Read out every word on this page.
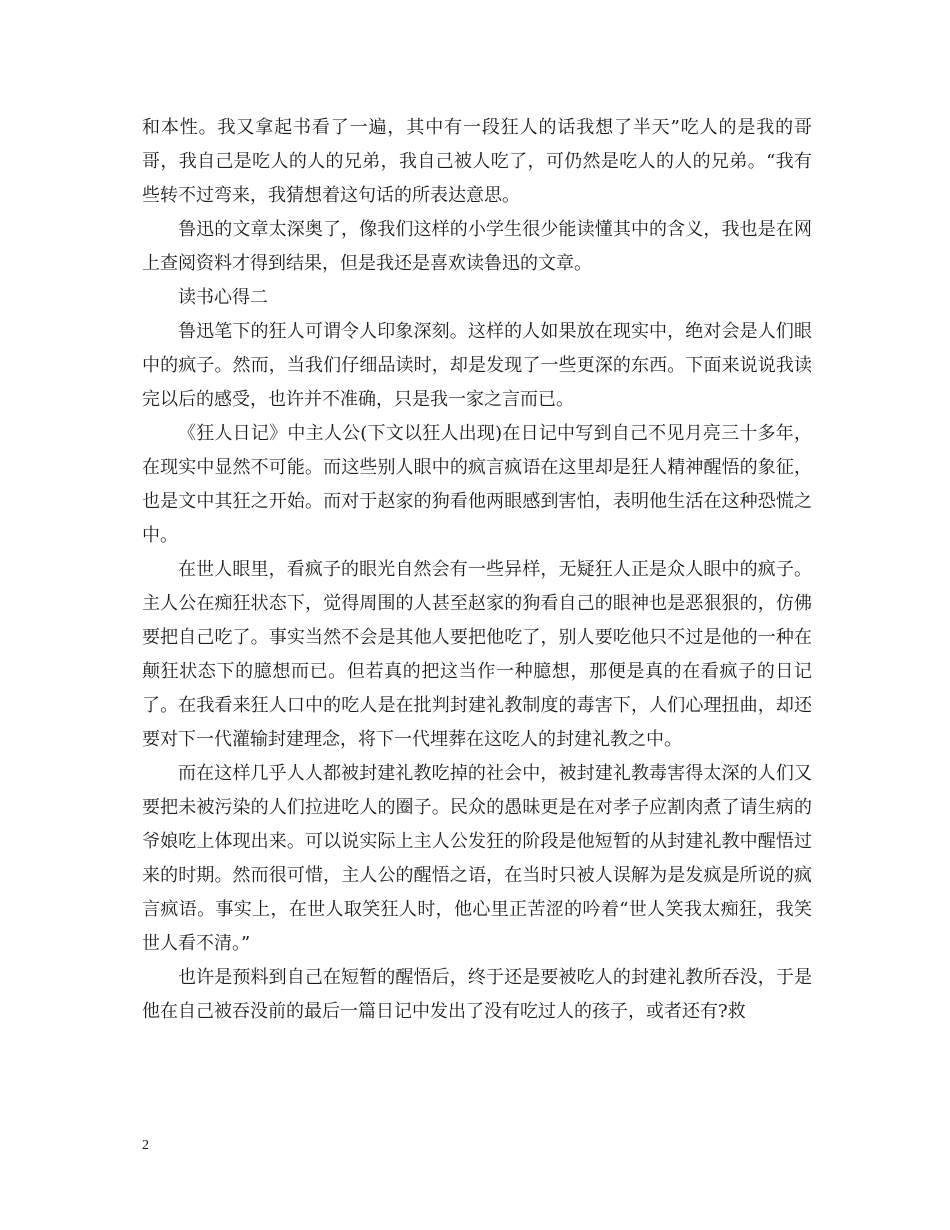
和本性。我又拿起书看了一遍，其中有一段狂人的话我想了半天”吃人的是我的哥哥，我自己是吃人的人的兄弟，我自己被人吃了，可仍然是吃人的人的兄弟。“我有些转不过弯来，我猜想着这句话的所表达意思。

鲁迅的文章太深奥了，像我们这样的小学生很少能读懂其中的含义，我也是在网上查阅资料才得到结果，但是我还是喜欢读鲁迅的文章。

读书心得二

鲁迅笔下的狂人可谓令人印象深刻。这样的人如果放在现实中，绝对会是人们眼中的疯子。然而，当我们仔细品读时，却是发现了一些更深的东西。下面来说说我读完以后的感受，也许并不准确，只是我一家之言而已。

《狂人日记》中主人公(下文以狂人出现)在日记中写到自己不见月亮三十多年，在现实中显然不可能。而这些别人眼中的疯言疯语在这里却是狂人精神醒悟的象征，也是文中其狂之开始。而对于赵家的狗看他两眼感到害怕，表明他生活在这种恐慌之中。

在世人眼里，看疯子的眼光自然会有一些异样，无疑狂人正是众人眼中的疯子。主人公在痴狂状态下，觉得周围的人甚至赵家的狗看自己的眼神也是恶狠狠的，仿佛要把自己吃了。事实当然不会是其他人要把他吃了，别人要吃他只不过是他的一种在颠狂状态下的臆想而已。但若真的把这当作一种臆想，那便是真的在看疯子的日记了。在我看来狂人口中的吃人是在批判封建礼教制度的毒害下，人们心理扭曲，却还要对下一代灌输封建理念，将下一代埋葬在这吃人的封建礼教之中。

而在这样几乎人人都被封建礼教吃掉的社会中，被封建礼教毒害得太深的人们又要把未被污染的人们拉进吃人的圈子。民众的愚昧更是在对孝子应割肉煮了请生病的爷娘吃上体现出来。可以说实际上主人公发狂的阶段是他短暂的从封建礼教中醒悟过来的时期。然而很可惜，主人公的醒悟之语，在当时只被人误解为是发疯是所说的疯言疯语。事实上，在世人取笑狂人时，他心里正苦涩的吟着“世人笑我太痴狂，我笑世人看不清。”

也许是预料到自己在短暂的醒悟后，终于还是要被吃人的封建礼教所吞没，于是他在自己被吞没前的最后一篇日记中发出了没有吃过人的孩子，或者还有?救

2
